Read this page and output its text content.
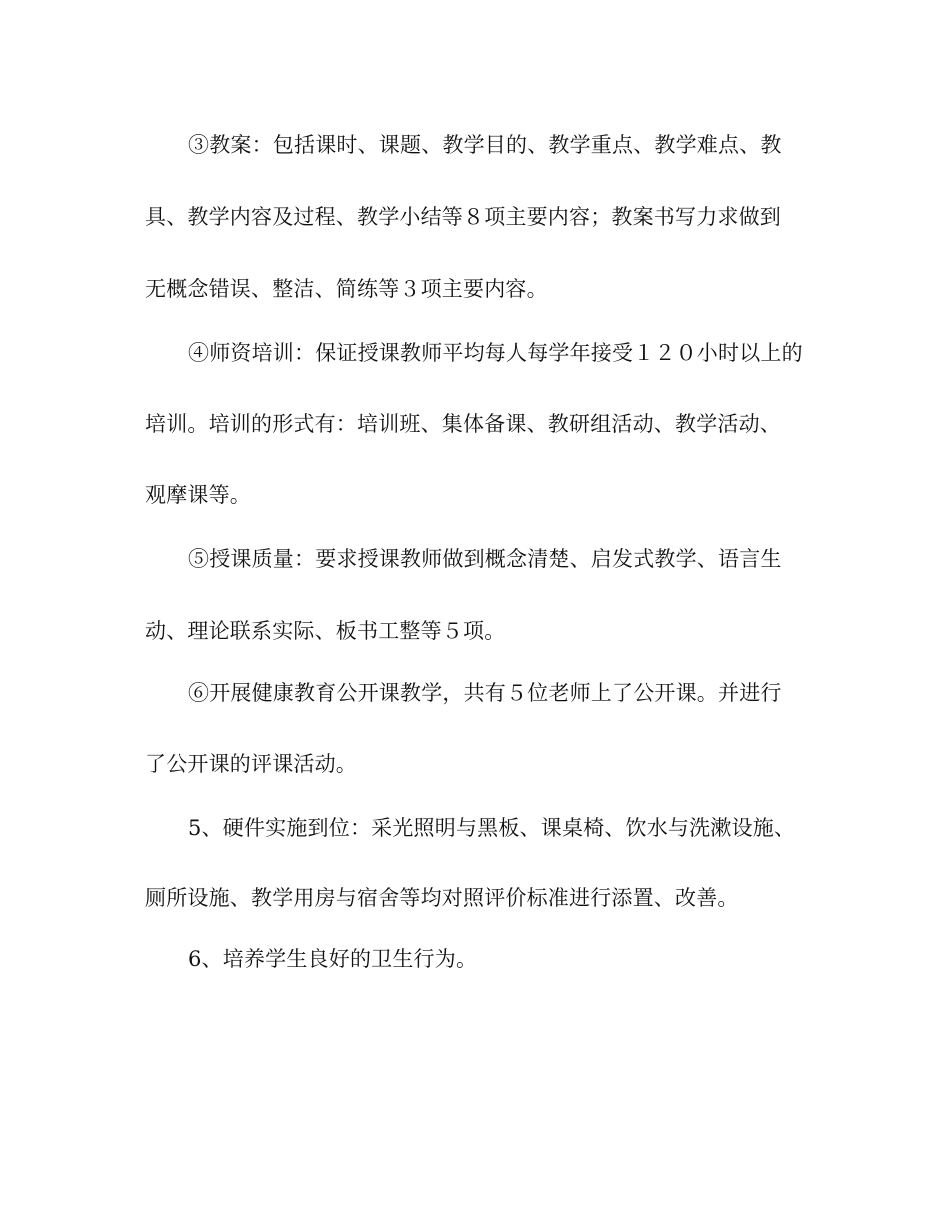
③教案：包括课时、课题、教学目的、教学重点、教学难点、教
具、教学内容及过程、教学小结等８项主要内容；教案书写力求做到
无概念错误、整洁、简练等３项主要内容。
④师资培训：保证授课教师平均每人每学年接受１２０小时以上的
培训。培训的形式有：培训班、集体备课、教研组活动、教学活动、
观摩课等。
⑤授课质量：要求授课教师做到概念清楚、启发式教学、语言生
动、理论联系实际、板书工整等５项。
⑥开展健康教育公开课教学，共有５位老师上了公开课。并进行
了公开课的评课活动。
5、硬件实施到位：采光照明与黑板、课桌椅、饮水与洗漱设施、
厕所设施、教学用房与宿舍等均对照评价标准进行添置、改善。
6、培养学生良好的卫生行为。
